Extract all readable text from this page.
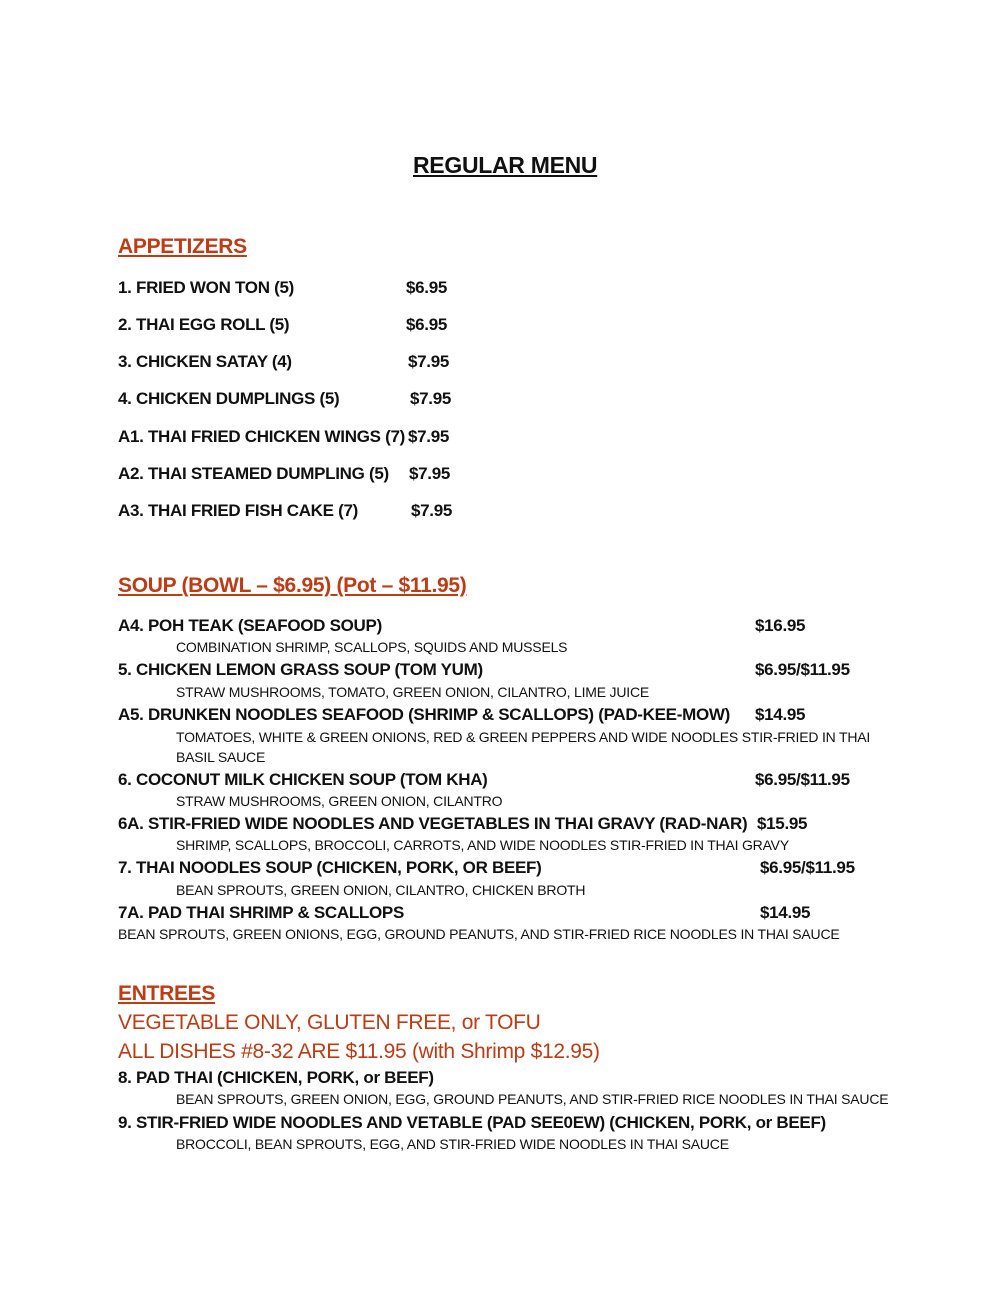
REGULAR MENU
APPETIZERS
1. FRIED WON TON (5)	$6.95
2. THAI EGG ROLL (5)	$6.95
3. CHICKEN SATAY (4)	$7.95
4. CHICKEN DUMPLINGS (5)	$7.95
A1. THAI FRIED CHICKEN WINGS (7) $7.95
A2. THAI STEAMED DUMPLING (5) $7.95
A3. THAI FRIED FISH CAKE (7)	$7.95
SOUP (BOWL – $6.95) (Pot – $11.95)
A4. POH TEAK (SEAFOOD SOUP)	$16.95
COMBINATION SHRIMP, SCALLOPS, SQUIDS AND MUSSELS
5. CHICKEN LEMON GRASS SOUP (TOM YUM)	$6.95/$11.95
STRAW MUSHROOMS, TOMATO, GREEN ONION, CILANTRO, LIME JUICE
A5. DRUNKEN NOODLES SEAFOOD (SHRIMP & SCALLOPS) (PAD-KEE-MOW) $14.95
TOMATOES, WHITE & GREEN ONIONS, RED & GREEN PEPPERS AND WIDE NOODLES STIR-FRIED IN THAI
BASIL SAUCE
6. COCONUT MILK CHICKEN SOUP (TOM KHA)	$6.95/$11.95
STRAW MUSHROOMS, GREEN ONION, CILANTRO
6A. STIR-FRIED WIDE NOODLES AND VEGETABLES IN THAI GRAVY (RAD-NAR) $15.95
SHRIMP, SCALLOPS, BROCCOLI, CARROTS, AND WIDE NOODLES STIR-FRIED IN THAI GRAVY
7. THAI NOODLES SOUP (CHICKEN, PORK, OR BEEF)	$6.95/$11.95
BEAN SPROUTS, GREEN ONION, CILANTRO, CHICKEN BROTH
7A. PAD THAI SHRIMP & SCALLOPS	$14.95
BEAN SPROUTS, GREEN ONIONS, EGG, GROUND PEANUTS, AND STIR-FRIED RICE NOODLES IN THAI SAUCE
ENTREES
VEGETABLE ONLY, GLUTEN FREE, or TOFU
ALL DISHES #8-32 ARE $11.95 (with Shrimp $12.95)
8. PAD THAI (CHICKEN, PORK, or BEEF)
BEAN SPROUTS, GREEN ONION, EGG, GROUND PEANUTS, AND STIR-FRIED RICE NOODLES IN THAI SAUCE
9. STIR-FRIED WIDE NOODLES AND VETABLE (PAD SEE0EW) (CHICKEN, PORK, or BEEF)
BROCCOLI, BEAN SPROUTS, EGG, AND STIR-FRIED WIDE NOODLES IN THAI SAUCE
